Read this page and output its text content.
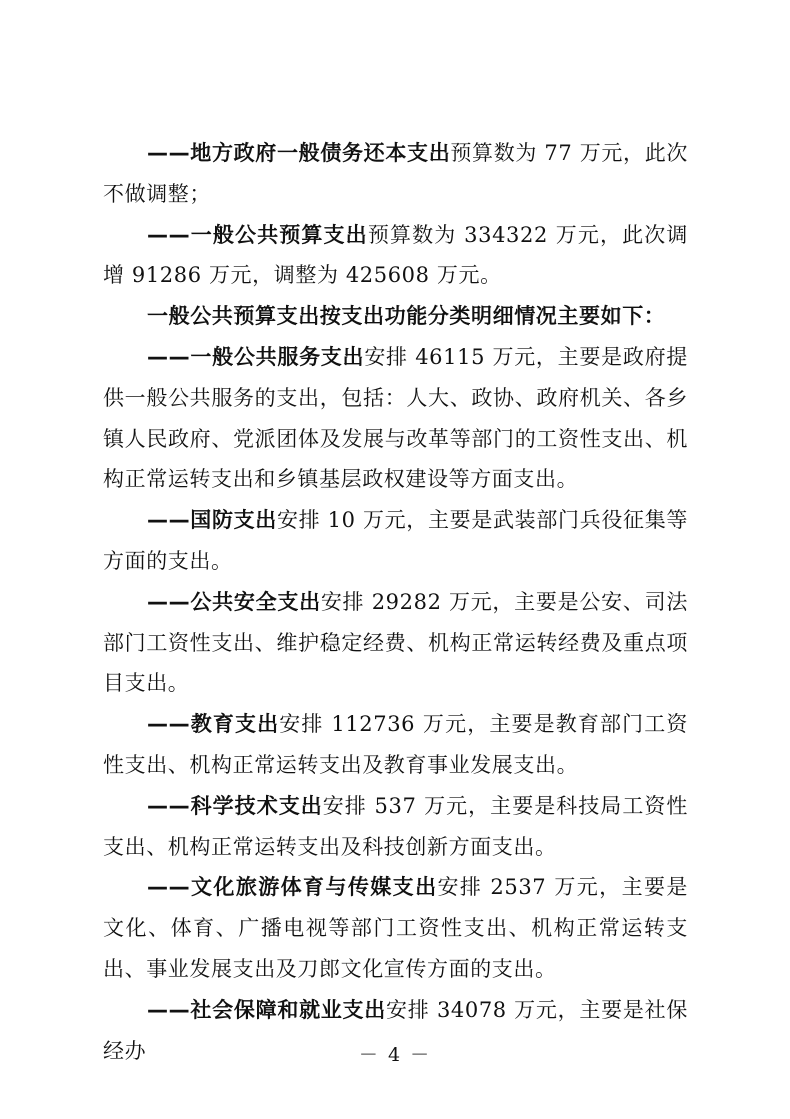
——地方政府一般债务还本支出预算数为 77 万元，此次不做调整；

——一般公共预算支出预算数为 334322 万元，此次调增 91286 万元，调整为 425608 万元。

一般公共预算支出按支出功能分类明细情况主要如下：

——一般公共服务支出安排 46115 万元，主要是政府提供一般公共服务的支出，包括：人大、政协、政府机关、各乡镇人民政府、党派团体及发展与改革等部门的工资性支出、机构正常运转支出和乡镇基层政权建设等方面支出。

——国防支出安排 10 万元，主要是武装部门兵役征集等方面的支出。

——公共安全支出安排 29282 万元，主要是公安、司法部门工资性支出、维护稳定经费、机构正常运转经费及重点项目支出。

——教育支出安排 112736 万元，主要是教育部门工资性支出、机构正常运转支出及教育事业发展支出。

——科学技术支出安排 537 万元，主要是科技局工资性支出、机构正常运转支出及科技创新方面支出。

——文化旅游体育与传媒支出安排 2537 万元，主要是文化、体育、广播电视等部门工资性支出、机构正常运转支出、事业发展支出及刀郎文化宣传方面的支出。

——社会保障和就业支出安排 34078 万元，主要是社保经办	－ 4 －
